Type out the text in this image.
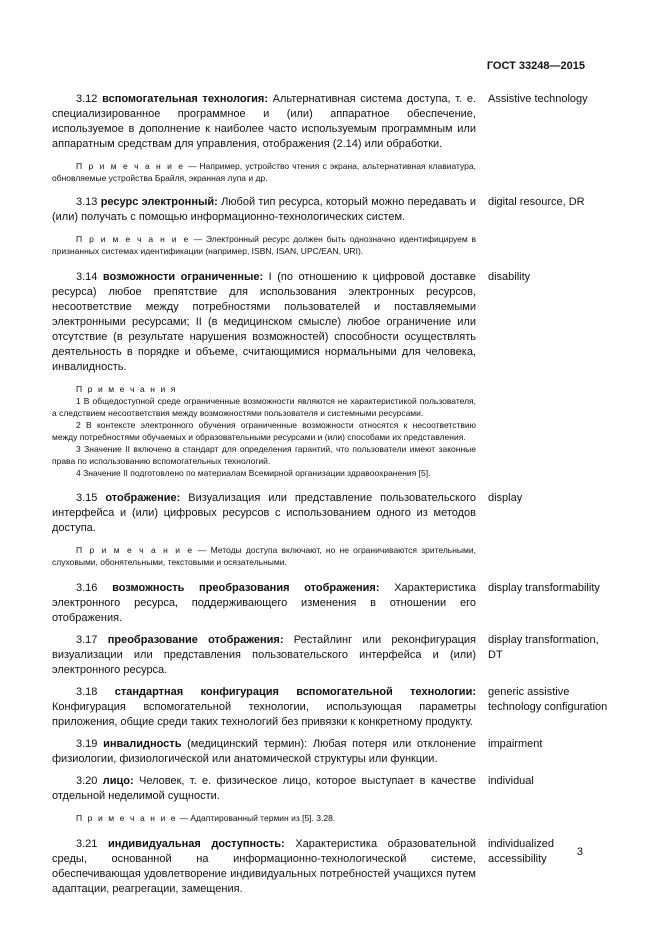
ГОСТ 33248—2015

3.12 вспомогательная технология: Альтернативная система доступа, т. е. специализированное программное и (или) аппаратное обеспечение, используемое в дополнение к наиболее часто используемым программным или аппаратным средствам для управления, отображения (2.14) или обработки.

П р и м е ч а н и е — Например, устройство чтения с экрана, альтернативная клавиатура, обновляемые устройства Брайля, экранная лупа и др.

Assistive technology

3.13 ресурс электронный: Любой тип ресурса, который можно передавать и (или) получать с помощью информационно-технологических систем.

П р и м е ч а н и е — Электронный ресурс должен быть однозначно идентифицируем в признанных системах идентификации (например, ISBN, ISAN, UPC/EAN, URI).

digital resource, DR

3.14 возможности ограниченные: I (по отношению к цифровой доставке ресурса) любое препятствие для использования электронных ресурсов, несоответствие между потребностями пользователей и поставляемыми электронными ресурсами; II (в медицинском смысле) любое ограничение или отсутствие (в результате нарушения возможностей) способности осуществлять деятельность в порядке и объеме, считающимися нормальными для человека, инвалидность.

П р и м е ч а н и я

1 В общедоступной среде ограниченные возможности являются не характеристикой пользователя, а следствием несоответствия между возможностями пользователя и системными ресурсами.

2 В контексте электронного обучения ограниченные возможности относятся к несоответствию между потребностями обучаемых и образовательными ресурсами и (или) способами их представления.

3 Значение II включено в стандарт для определения гарантий, что пользователи имеют законные права по использованию вспомогательных технологий.

4 Значение II подготовлено по материалам Всемирной организации здравоохранения [5].

disability

3.15 отображение: Визуализация или представление пользовательского интерфейса и (или) цифровых ресурсов с использованием одного из методов доступа.

П р и м е ч а н и е — Методы доступа включают, но не ограничиваются зрительными, слуховыми, обонятельными, текстовыми и осязательными.

display

3.16 возможность преобразования отображения: Характеристика электронного ресурса, поддерживающего изменения в отношении его отображения.

display transformability

3.17 преобразование отображения: Рестайлинг или реконфигурация визуализации или представления пользовательского интерфейса и (или) электронного ресурса.

display transformation, DT

3.18 стандартная конфигурация вспомогательной технологии: Конфигурация вспомогательной технологии, использующая параметры приложения, общие среди таких технологий без привязки к конкретному продукту.

generic assistive technology configuration

3.19 инвалидность (медицинский термин): Любая потеря или отклонение физиологии, физиологической или анатомической структуры или функции.

impairment

3.20 лицо: Человек, т. е. физическое лицо, которое выступает в качестве отдельной неделимой сущности.

П р и м е ч а н и е — Адаптированный термин из [5]. 3.28.

individual

3.21 индивидуальная доступность: Характеристика образовательной среды, основанной на информационно-технологической системе, обеспечивающая удовлетворение индивидуальных потребностей учащихся путем адаптации, реагрегации, замещения.

individualized accessibility
3
